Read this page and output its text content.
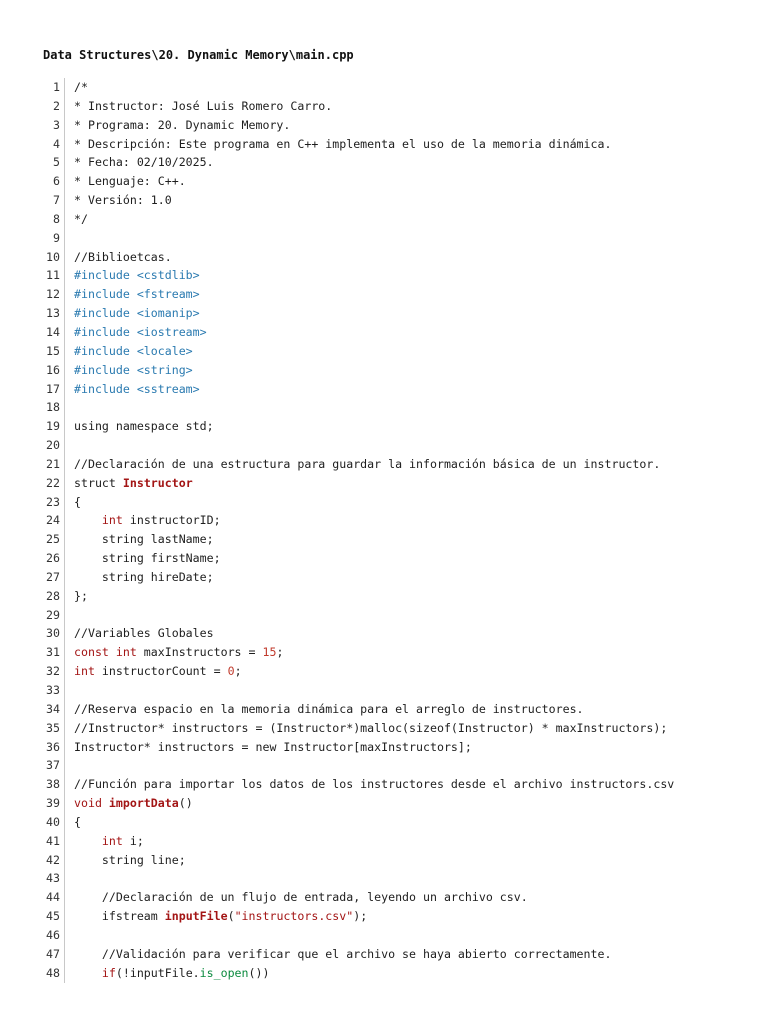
Data Structures\20. Dynamic Memory\main.cpp
1	/*
2	* Instructor: José Luis Romero Carro.
3	* Programa: 20. Dynamic Memory.
4	* Descripción: Este programa en C++ implementa el uso de la memoria dinámica.
5	* Fecha: 02/10/2025.
6	* Lenguaje: C++.
7	* Versión: 1.0
8	*/
9
10	//Biblioetcas.
11	#include <cstdlib>
12	#include <fstream>
13	#include <iomanip>
14	#include <iostream>
15	#include <locale>
16	#include <string>
17	#include <sstream>
18
19	using namespace std;
20
21	//Declaración de una estructura para guardar la información básica de un instructor.
22	struct Instructor
23	{
24	int instructorID;
25	string lastName;
26	string firstName;
27	string hireDate;
28	};
29
30	//Variables Globales
31	const int maxInstructors = 15;
32	int instructorCount = 0;
33
34	//Reserva espacio en la memoria dinámica para el arreglo de instructores.
35	//Instructor* instructors = (Instructor*)malloc(sizeof(Instructor) * maxInstructors);
36	Instructor* instructors = new Instructor[maxInstructors];
37
38	//Función para importar los datos de los instructores desde el archivo instructors.csv
39	void importData()
40	{
41	int i;
42	string line;
43
44	//Declaración de un flujo de entrada, leyendo un archivo csv.
45	ifstream inputFile("instructors.csv");
46
47	//Validación para verificar que el archivo se haya abierto correctamente.
48	if(!inputFile.is_open())
